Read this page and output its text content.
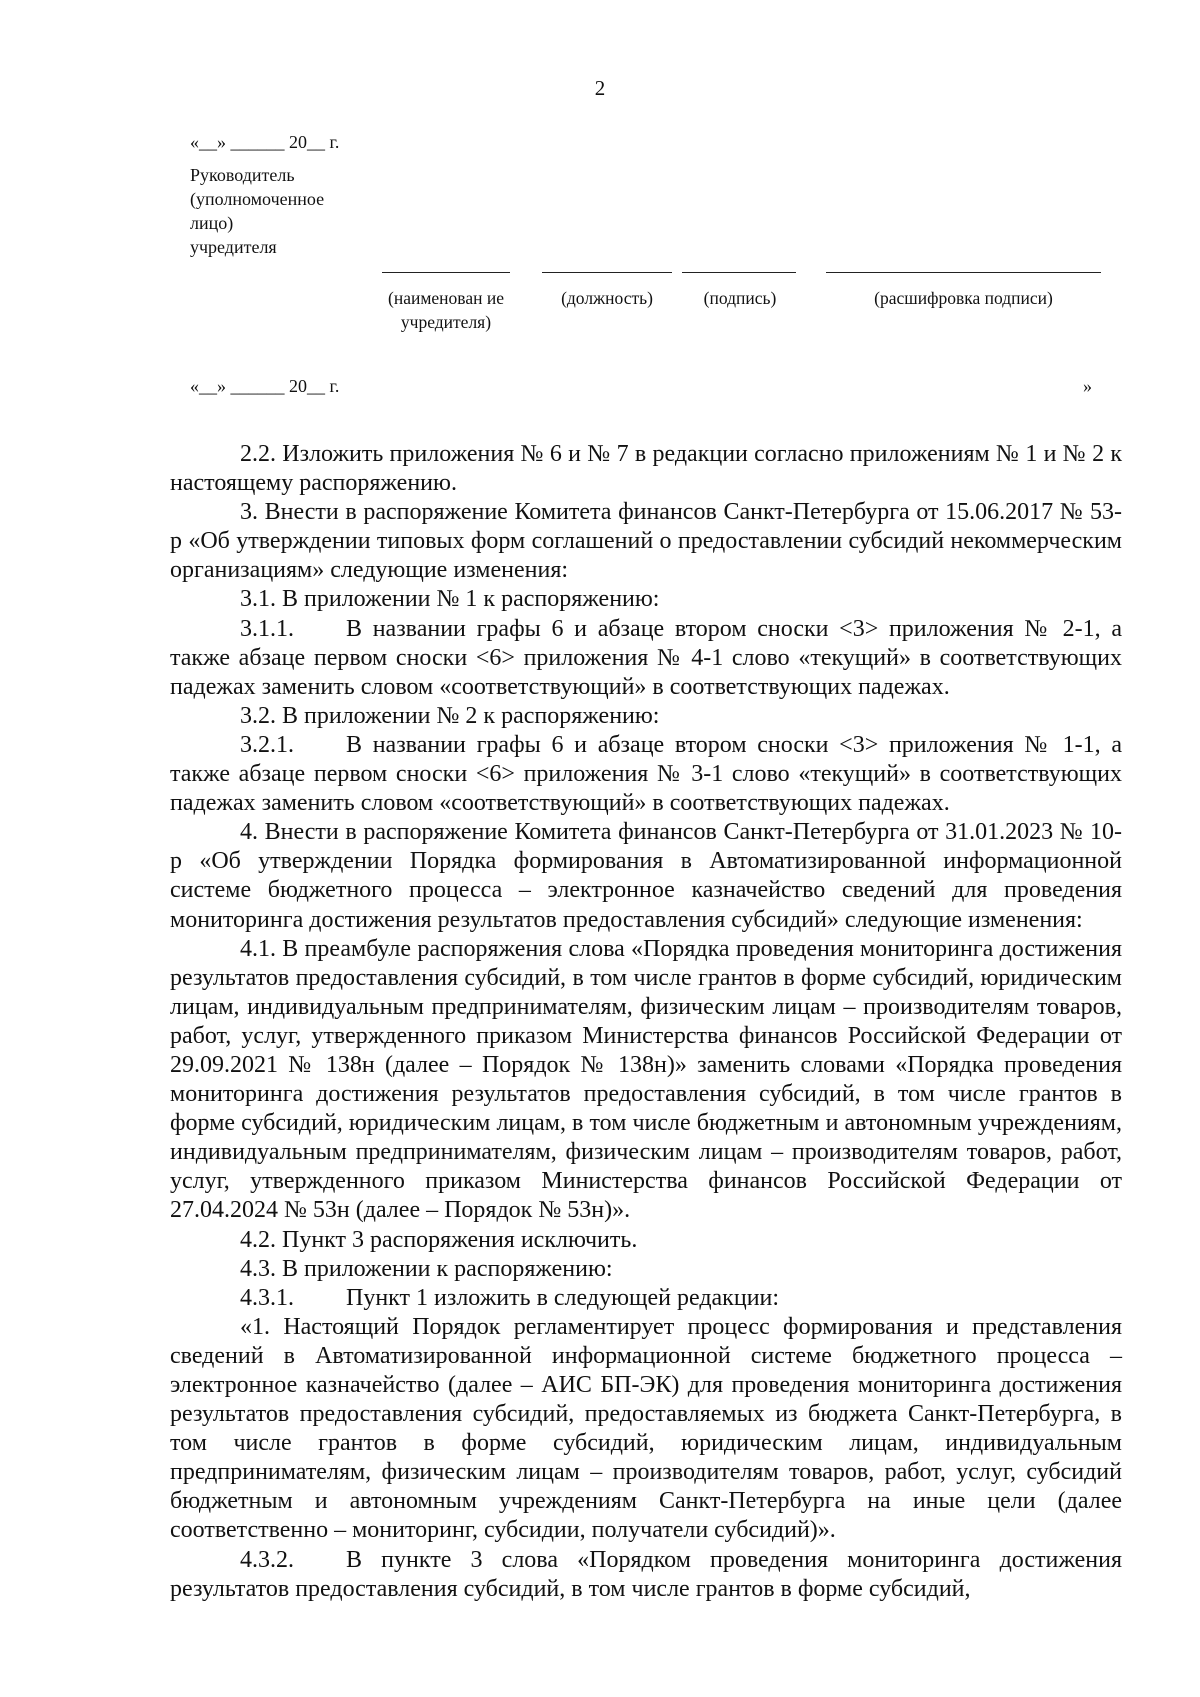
2
«__» ______ 20__ г.
Руководитель
(уполномоченное
лицо)
учредителя
(наименован ие учредителя)
(должность)	(подпись)	(расшифровка подписи)
«__» ______ 20__ г.	»

2.2. Изложить приложения № 6 и № 7 в редакции согласно приложениям № 1 и № 2 к настоящему распоряжению.

3. Внести в распоряжение Комитета финансов Санкт-Петербурга от 15.06.2017 № 53-р «Об утверждении типовых форм соглашений о предоставлении субсидий некоммерческим организациям» следующие изменения:

3.1. В приложении № 1 к распоряжению:

3.1.1. В названии графы 6 и абзаце втором сноски <3> приложения № 2-1, а также абзаце первом сноски <6> приложения № 4-1 слово «текущий» в соответствующих падежах заменить словом «соответствующий» в соответствующих падежах.

3.2. В приложении № 2 к распоряжению:

3.2.1. В названии графы 6 и абзаце втором сноски <3> приложения № 1-1, а также абзаце первом сноски <6> приложения № 3-1 слово «текущий» в соответствующих падежах заменить словом «соответствующий» в соответствующих падежах.

4. Внести в распоряжение Комитета финансов Санкт-Петербурга от 31.01.2023 № 10-р «Об утверждении Порядка формирования в Автоматизированной информационной системе бюджетного процесса – электронное казначейство сведений для проведения мониторинга достижения результатов предоставления субсидий» следующие изменения:

4.1. В преамбуле распоряжения слова «Порядка проведения мониторинга достижения результатов предоставления субсидий, в том числе грантов в форме субсидий, юридическим лицам, индивидуальным предпринимателям, физическим лицам – производителям товаров, работ, услуг, утвержденного приказом Министерства финансов Российской Федерации от 29.09.2021 № 138н (далее – Порядок № 138н)» заменить словами «Порядка проведения мониторинга достижения результатов предоставления субсидий, в том числе грантов в форме субсидий, юридическим лицам, в том числе бюджетным и автономным учреждениям, индивидуальным предпринимателям, физическим лицам – производителям товаров, работ, услуг, утвержденного приказом Министерства финансов Российской Федерации от 27.04.2024 № 53н (далее – Порядок № 53н)».

4.2. Пункт 3 распоряжения исключить.

4.3. В приложении к распоряжению:

4.3.1. Пункт 1 изложить в следующей редакции:

«1. Настоящий Порядок регламентирует процесс формирования и представления сведений в Автоматизированной информационной системе бюджетного процесса – электронное казначейство (далее – АИС БП-ЭК) для проведения мониторинга достижения результатов предоставления субсидий, предоставляемых из бюджета Санкт-Петербурга, в том числе грантов в форме субсидий, юридическим лицам, индивидуальным предпринимателям, физическим лицам – производителям товаров, работ, услуг, субсидий бюджетным и автономным учреждениям Санкт-Петербурга на иные цели (далее соответственно – мониторинг, субсидии, получатели субсидий)».

4.3.2. В пункте 3 слова «Порядком проведения мониторинга достижения результатов предоставления субсидий, в том числе грантов в форме субсидий,
